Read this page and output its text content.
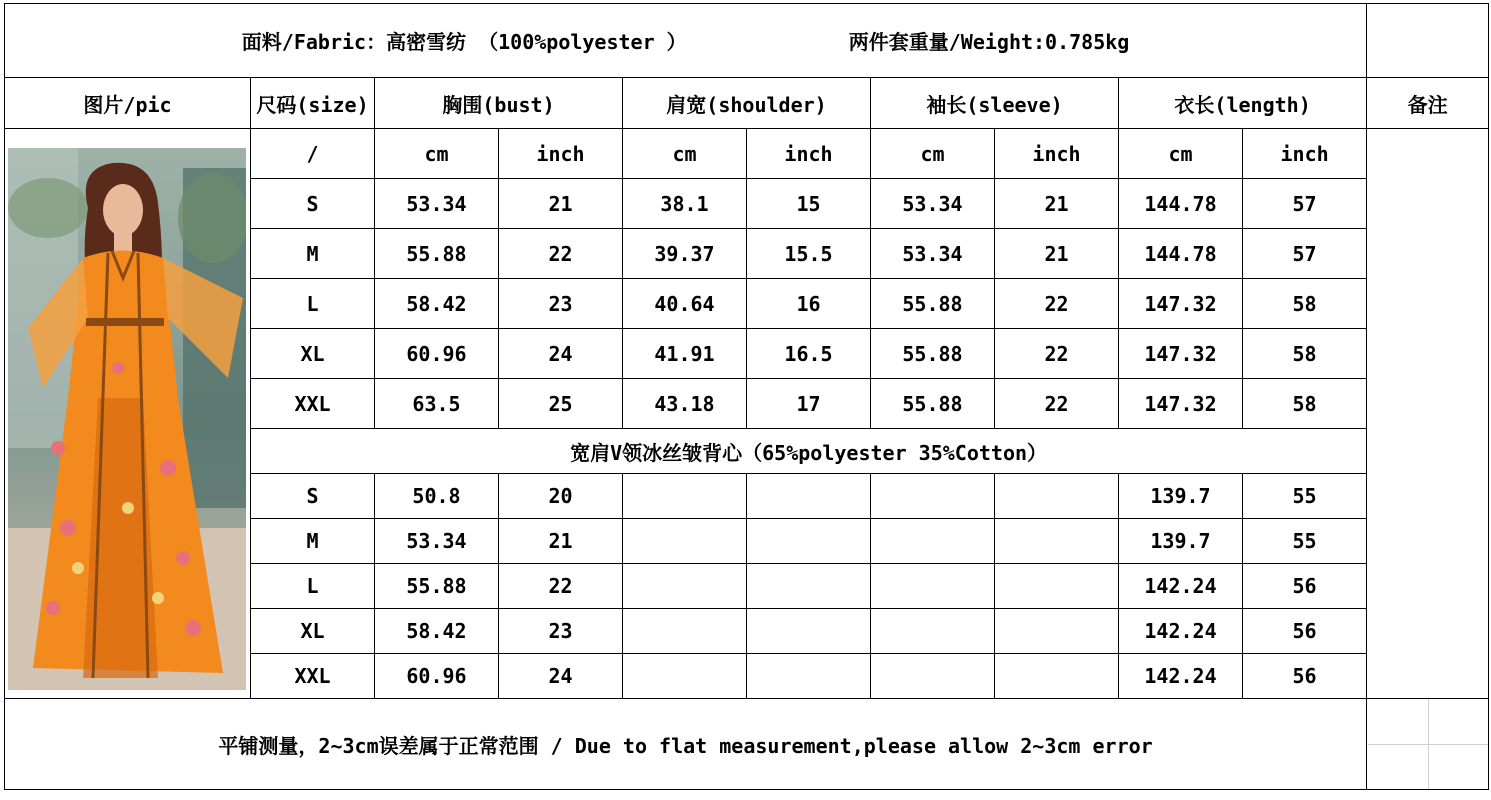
面料/Fabric：高密雪纺 （100%polyester ） 两件套重量/Weight:0.785kg										
图片/pic	尺码(size)	胸围(bust)		肩宽(shoulder)		袖长(sleeve)		衣长(length)		备注

	/	cm	inch	cm	inch	cm	inch	cm	inch	
	S	53.34	21	38.1	15	53.34	21	144.78	57	
	M	55.88	22	39.37	15.5	53.34	21	144.78	57	
	L	58.42	23	40.64	16	55.88	22	147.32	58	
	XL	60.96	24	41.91	16.5	55.88	22	147.32	58	
	XXL	63.5	25	43.18	17	55.88	22	147.32	58	
	宽肩V领冰丝皱背心（65%polyester 35%Cotton）									
	S	50.8	20					139.7	55	
	M	53.34	21					139.7	55	
	L	55.88	22					142.24	56	
	XL	58.42	23					142.24	56	
	XXL	60.96	24					142.24	56	
平铺测量，2~3cm误差属于正常范围 / Due to flat measurement,please allow 2~3cm error										
